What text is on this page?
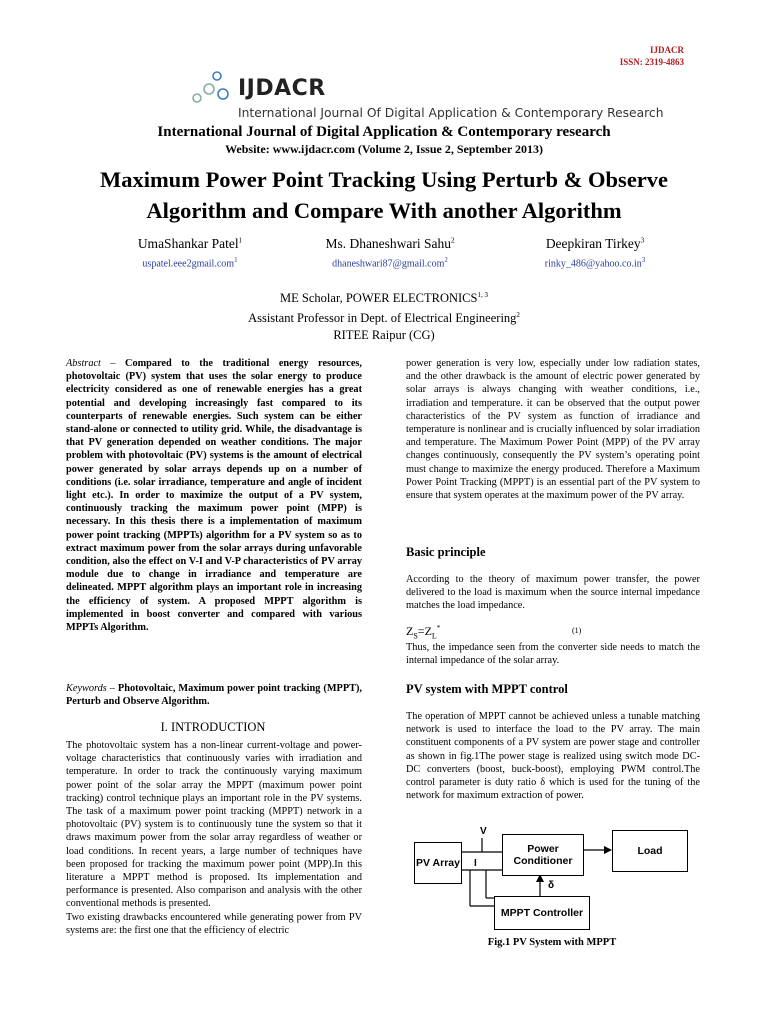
IJDACR
ISSN: 2319-4863
IJDACR
International Journal Of Digital Application & Contemporary Research
International Journal of Digital Application & Contemporary research
Website: www.ijdacr.com (Volume 2, Issue 2, September 2013)
Maximum Power Point Tracking Using Perturb & Observe
Algorithm and Compare With another Algorithm
UmaShankar Patel$^1$
uspatel.eee2gmail.com$^1$
Ms. Dhaneshwari Sahu$^2$
dhaneshwari87@gmail.com$^2$
Deepkiran Tirkey$^3$
$rinky\_486@yahoo.co.in^3$
ME Scholar, POWER ELECTRONICS$^{1, 3}$
Assistant Professor in Dept. of Electrical Engineering$^2$
RITEE Raipur (CG)

Abstract – Compared to the traditional energy resources, photovoltaic (PV) system that uses the solar energy to produce electricity considered as one of renewable energies has a great potential and developing increasingly fast compared to its counterparts of renewable energies. Such system can be either stand-alone or connected to utility grid. While, the disadvantage is that PV generation depended on weather conditions. The major problem with photovoltaic (PV) systems is the amount of electrical power generated by solar arrays depends up on a number of conditions (i.e. solar irradiance, temperature and angle of incident light etc.). In order to maximize the output of a PV system, continuously tracking the maximum power point (MPP) is necessary. In this thesis there is a implementation of maximum power point tracking (MPPTs) algorithm for a PV system so as to extract maximum power from the solar arrays during unfavorable condition, also the effect on V-I and V-P characteristics of PV array module due to change in irradiance and temperature are delineated. MPPT algorithm plays an important role in increasing the efficiency of system. A proposed MPPT algorithm is implemented in boost converter and compared with various MPPTs Algorithm.

Keywords – Photovoltaic, Maximum power point tracking (MPPT), Perturb and Observe Algorithm.

I. INTRODUCTION

The photovoltaic system has a non-linear current-voltage and power-voltage characteristics that continuously varies with irradiation and temperature. In order to track the continuously varying maximum power point of the solar array the MPPT (maximum power point tracking) control technique plays an important role in the PV systems. The task of a maximum power point tracking (MPPT) network in a photovoltaic (PV) system is to continuously tune the system so that it draws maximum power from the solar array regardless of weather or load conditions. In recent years, a large number of techniques have been proposed for tracking the maximum power point (MPP).In this literature a MPPT method is proposed. Its implementation and performance is presented. Also comparison and analysis with the other conventional methods is presented.

Two existing drawbacks encountered while generating power from PV systems are: the first one that the efficiency of electric

power generation is very low, especially under low radiation states, and the other drawback is the amount of electric power generated by solar arrays is always changing with weather conditions, i.e., irradiation and temperature. it can be observed that the output power characteristics of the PV system as function of irradiance and temperature is nonlinear and is crucially influenced by solar irradiation and temperature. The Maximum Power Point (MPP) of the PV array changes continuously, consequently the PV system’s operating point must change to maximize the energy produced. Therefore a Maximum Power Point Tracking (MPPT) is an essential part of the PV system to ensure that system operates at the maximum power of the PV array.
Basic principle
According to the theory of maximum power transfer, the power delivered to the load is maximum when the source internal impedance matches the load impedance.
$Z_S=Z_L^*$	(1)
Thus, the impedance seen from the converter side needs to match the internal impedance of the solar array.
PV system with MPPT control
The operation of MPPT cannot be achieved unless a tunable matching network is used to interface the load to the PV array. The main constituent components of a PV system are power stage and controller as shown in fig.1The power stage is realized using switch mode DC-DC converters (boost, buck-boost), employing PWM control.The control parameter is duty ratio δ which is used for the tuning of the network for maximum extraction of power.
PV Array
Power Conditioner
Load
MPPT Controller
V
I
δ
Fig.1 PV System with MPPT
